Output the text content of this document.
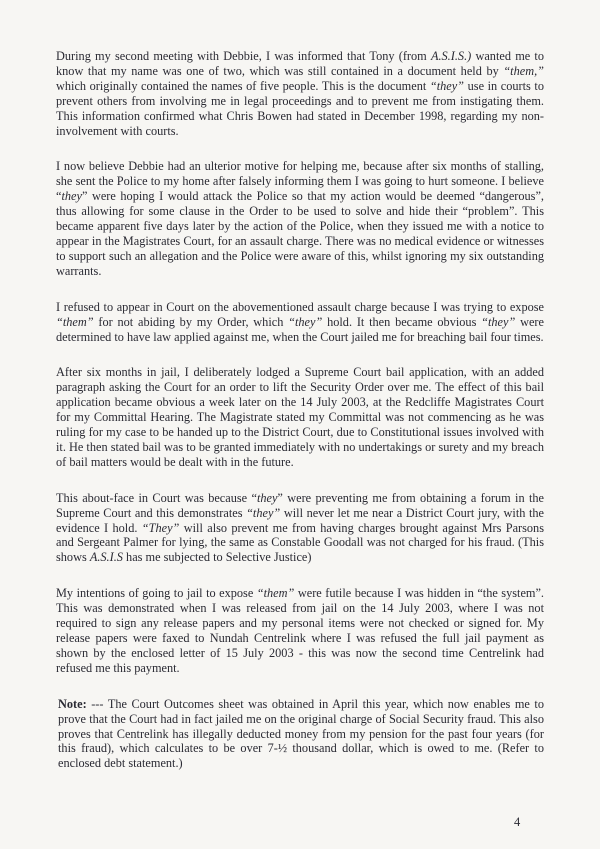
During my second meeting with Debbie, I was informed that Tony (from A.S.I.S.) wanted me to know that my name was one of two, which was still contained in a document held by “them,” which originally contained the names of five people. This is the document “they” use in courts to prevent others from involving me in legal proceedings and to prevent me from instigating them. This information confirmed what Chris Bowen had stated in December 1998, regarding my non-involvement with courts.

I now believe Debbie had an ulterior motive for helping me, because after six months of stalling, she sent the Police to my home after falsely informing them I was going to hurt someone. I believe “they” were hoping I would attack the Police so that my action would be deemed “dangerous”, thus allowing for some clause in the Order to be used to solve and hide their “problem”. This became apparent five days later by the action of the Police, when they issued me with a notice to appear in the Magistrates Court, for an assault charge. There was no medical evidence or witnesses to support such an allegation and the Police were aware of this, whilst ignoring my six outstanding warrants.

I refused to appear in Court on the abovementioned assault charge because I was trying to expose “them” for not abiding by my Order, which “they” hold. It then became obvious “they” were determined to have law applied against me, when the Court jailed me for breaching bail four times.

After six months in jail, I deliberately lodged a Supreme Court bail application, with an added paragraph asking the Court for an order to lift the Security Order over me. The effect of this bail application became obvious a week later on the 14 July 2003, at the Redcliffe Magistrates Court for my Committal Hearing. The Magistrate stated my Committal was not commencing as he was ruling for my case to be handed up to the District Court, due to Constitutional issues involved with it. He then stated bail was to be granted immediately with no undertakings or surety and my breach of bail matters would be dealt with in the future.

This about-face in Court was because “they” were preventing me from obtaining a forum in the Supreme Court and this demonstrates “they” will never let me near a District Court jury, with the evidence I hold. “They” will also prevent me from having charges brought against Mrs Parsons and Sergeant Palmer for lying, the same as Constable Goodall was not charged for his fraud. (This shows A.S.I.S has me subjected to Selective Justice)

My intentions of going to jail to expose “them” were futile because I was hidden in “the system”. This was demonstrated when I was released from jail on the 14 July 2003, where I was not required to sign any release papers and my personal items were not checked or signed for. My release papers were faxed to Nundah Centrelink where I was refused the full jail payment as shown by the enclosed letter of 15 July 2003 - this was now the second time Centrelink had refused me this payment.

Note: --- The Court Outcomes sheet was obtained in April this year, which now enables me to prove that the Court had in fact jailed me on the original charge of Social Security fraud. This also proves that Centrelink has illegally deducted money from my pension for the past four years (for this fraud), which calculates to be over 7-½ thousand dollar, which is owed to me. (Refer to enclosed debt statement.)

4
